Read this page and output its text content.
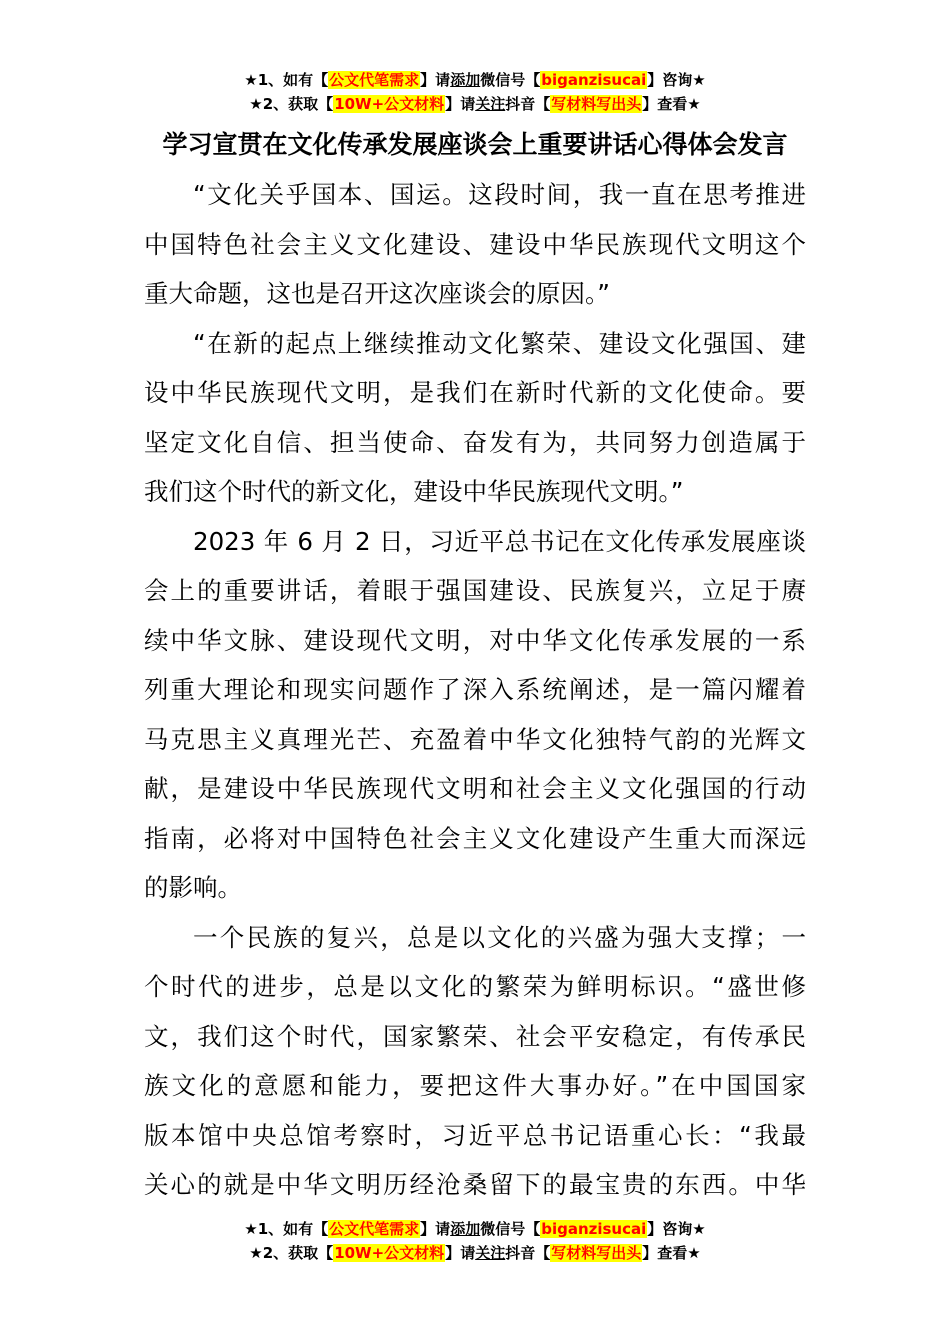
★1、如有【公文代笔需求】请添加微信号【biganzisucai】咨询★
★2、获取【10W+公文材料】请关注抖音【写材料写出头】查看★
学习宣贯在文化传承发展座谈会上重要讲话心得体会发言
“文化关乎国本、国运。这段时间，我一直在思考推进
中国特色社会主义文化建设、建设中华民族现代文明这个
重大命题，这也是召开这次座谈会的原因。”
“在新的起点上继续推动文化繁荣、建设文化强国、建
设中华民族现代文明，是我们在新时代新的文化使命。要
坚定文化自信、担当使命、奋发有为，共同努力创造属于
我们这个时代的新文化，建设中华民族现代文明。”
2023 年 6 月 2 日，习近平总书记在文化传承发展座谈
会上的重要讲话，着眼于强国建设、民族复兴，立足于赓
续中华文脉、建设现代文明，对中华文化传承发展的一系
列重大理论和现实问题作了深入系统阐述，是一篇闪耀着
马克思主义真理光芒、充盈着中华文化独特气韵的光辉文
献，是建设中华民族现代文明和社会主义文化强国的行动
指南，必将对中国特色社会主义文化建设产生重大而深远
的影响。
一个民族的复兴，总是以文化的兴盛为强大支撑；一
个时代的进步，总是以文化的繁荣为鲜明标识。“盛世修
文，我们这个时代，国家繁荣、社会平安稳定，有传承民
族文化的意愿和能力，要把这件大事办好。”在中国国家
版本馆中央总馆考察时，习近平总书记语重心长：“我最
关心的就是中华文明历经沧桑留下的最宝贵的东西。中华
★1、如有【公文代笔需求】请添加微信号【biganzisucai】咨询★
★2、获取【10W+公文材料】请关注抖音【写材料写出头】查看★
